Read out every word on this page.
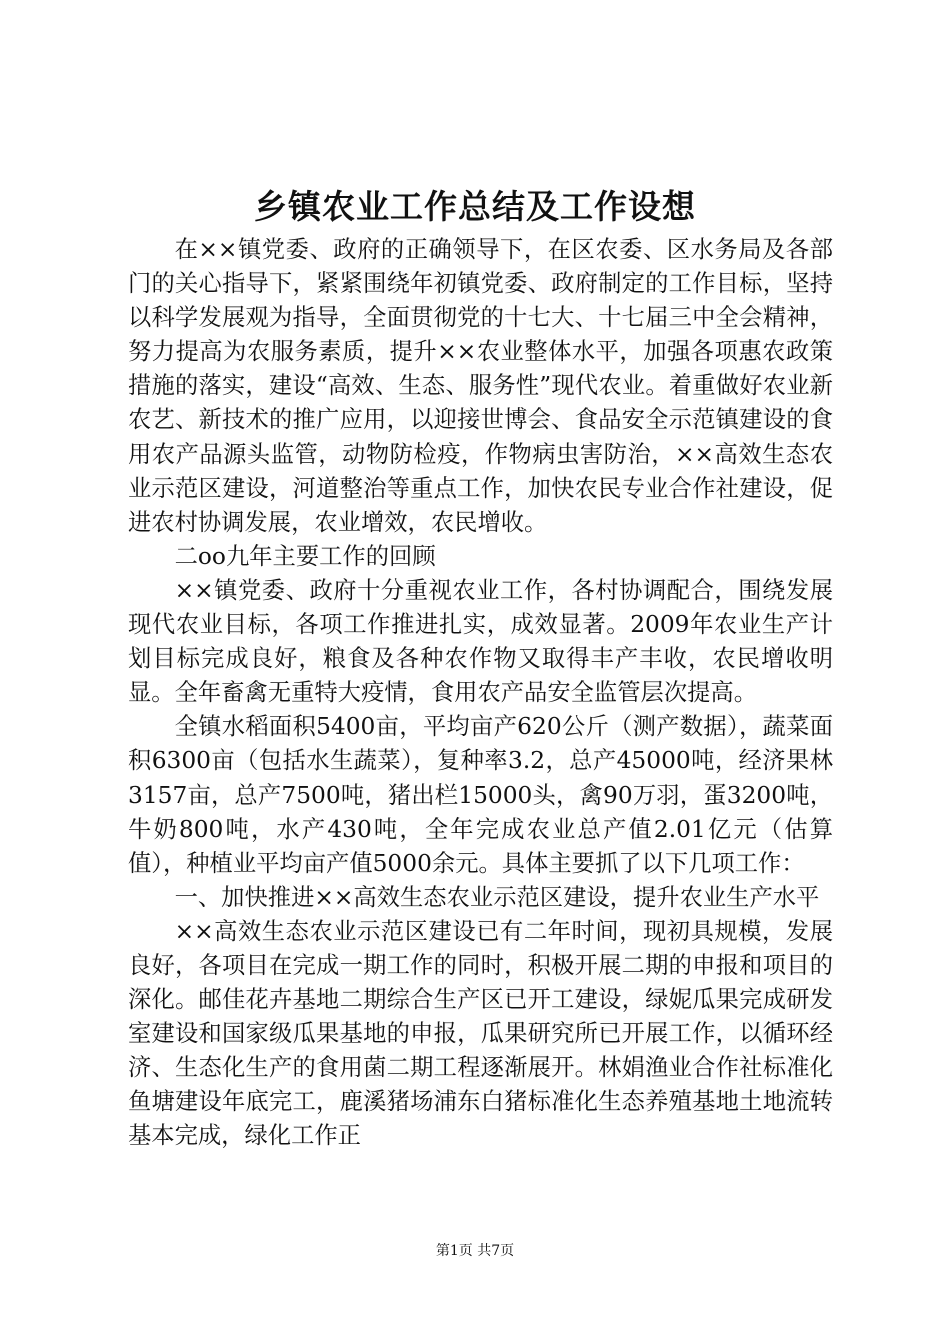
乡镇农业工作总结及工作设想

在××镇党委、政府的正确领导下，在区农委、区水务局及各部门的关心指导下，紧紧围绕年初镇党委、政府制定的工作目标，坚持以科学发展观为指导，全面贯彻党的十七大、十七届三中全会精神，努力提高为农服务素质，提升××农业整体水平，加强各项惠农政策措施的落实，建设“高效、生态、服务性”现代农业。着重做好农业新农艺、新技术的推广应用，以迎接世博会、食品安全示范镇建设的食用农产品源头监管，动物防检疫，作物病虫害防治，××高效生态农业示范区建设，河道整治等重点工作，加快农民专业合作社建设，促进农村协调发展，农业增效，农民增收。

二oo九年主要工作的回顾

××镇党委、政府十分重视农业工作，各村协调配合，围绕发展现代农业目标，各项工作推进扎实，成效显著。2009年农业生产计划目标完成良好，粮食及各种农作物又取得丰产丰收，农民增收明显。全年畜禽无重特大疫情，食用农产品安全监管层次提高。

全镇水稻面积5400亩，平均亩产620公斤（测产数据），蔬菜面积6300亩（包括水生蔬菜），复种率3.2，总产45000吨，经济果林3157亩，总产7500吨，猪出栏15000头，禽90万羽，蛋3200吨，牛奶800吨，水产430吨，全年完成农业总产值2.01亿元（估算值），种植业平均亩产值5000余元。具体主要抓了以下几项工作：

一、加快推进××高效生态农业示范区建设，提升农业生产水平

××高效生态农业示范区建设已有二年时间，现初具规模，发展良好，各项目在完成一期工作的同时，积极开展二期的申报和项目的深化。邮佳花卉基地二期综合生产区已开工建设，绿妮瓜果完成研发室建设和国家级瓜果基地的申报，瓜果研究所已开展工作，以循环经济、生态化生产的食用菌二期工程逐渐展开。林娟渔业合作社标准化鱼塘建设年底完工，鹿溪猪场浦东白猪标准化生态养殖基地土地流转基本完成，绿化工作正

第1页 共7页
